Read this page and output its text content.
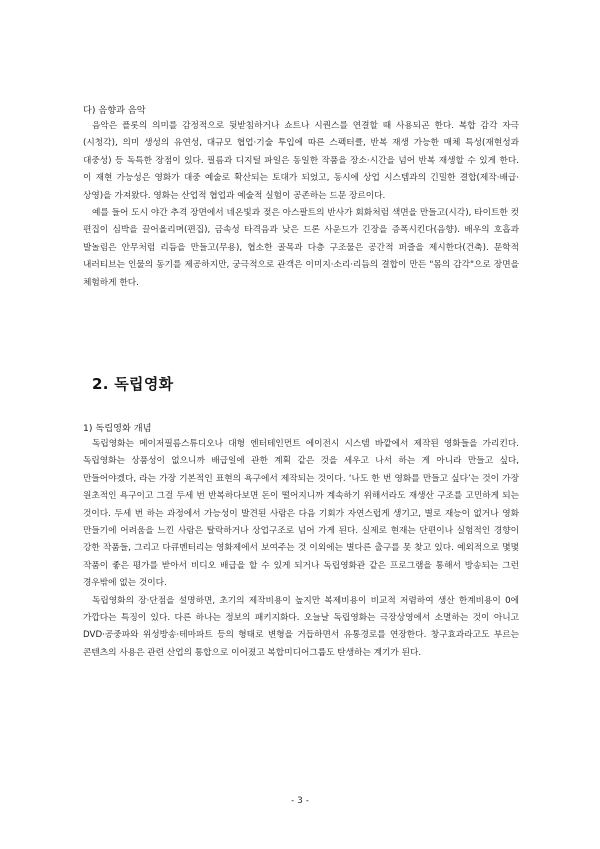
다) 음향과 음악

음악은 플롯의 의미를 감정적으로 뒷받침하거나 쇼트나 시퀀스를 연결할 때 사용되곤 한다. 복합 감각 자극(시청각), 의미 생성의 유연성, 대규모 협업·기술 투입에 따른 스펙터클, 반복 재생 가능한 매체 특성(재현성과 대중성) 등 독특한 장점이 있다. 필름과 디지털 파일은 동일한 작품을 장소·시간을 넘어 반복 재생할 수 있게 한다. 이 재현 가능성은 영화가 대중 예술로 확산되는 토대가 되었고, 동시에 상업 시스템과의 긴밀한 결합(제작·배급·상영)을 가져왔다. 영화는 산업적 협업과 예술적 실험이 공존하는 드문 장르이다.

예를 들어 도시 야간 추격 장면에서 네온빛과 젖은 아스팔트의 반사가 회화처럼 색면을 만들고(시각), 타이트한 컷 편집이 심박을 끌어올리며(편집), 금속성 타격음과 낮은 드론 사운드가 긴장을 증폭시킨다(음향). 배우의 호흡과 발놀림은 안무처럼 리듬을 만들고(무용), 협소한 골목과 다층 구조물은 공간적 퍼즐을 제시한다(건축). 문학적 내러티브는 인물의 동기를 제공하지만, 궁극적으로 관객은 이미지·소리·리듬의 결합이 만든 "몸의 감각"으로 장면을 체험하게 한다.

2. 독립영화
1) 독립영화 개념

독립영화는 메이저필름스튜디오나 대형 엔터테인먼트 에이전시 시스템 바깥에서 제작된 영화들을 가리킨다. 독립영화는 상품성이 없으니까 배급일에 관한 계획 같은 것을 세우고 나서 하는 게 아니라 만들고 싶다, 만들어야겠다, 라는 가장 기본적인 표현의 욕구에서 제작되는 것이다. ‘나도 한 번 영화를 만들고 싶다’는 것이 가장 원초적인 욕구이고 그걸 두세 번 반복하다보면 돈이 떨어지니까 계속하기 위해서라도 재생산 구조를 고민하게 되는 것이다. 두세 번 하는 과정에서 가능성이 발견된 사람은 다음 기회가 자연스럽게 생기고, 별로 재능이 없거나 영화 만들기에 어려움을 느낀 사람은 탈락하거나 상업구조로 넘어 가게 된다. 실제로 현재는 단편이나 실험적인 경향이 강한 작품들, 그리고 다큐멘터리는 영화제에서 보여주는 것 이외에는 별다른 출구를 못 찾고 있다. 예외적으로 몇몇 작품이 좋은 평가를 받아서 비디오 배급을 할 수 있게 되거나 독립영화관 같은 프로그램을 통해서 방송되는 그런 경우밖에 없는 것이다.

독립영화의 장·단점을 설명하면, 초기의 제작비용이 높지만 복제비용이 비교적 저렴하여 생산 한계비용이 0에 가깝다는 특징이 있다. 다른 하나는 정보의 패키지화다. 오늘날 독립영화는 극장상영에서 소멸하는 것이 아니고 DVD·공중파와 위성방송·테마파트 등의 형태로 변형을 거듭하면서 유통경로를 연장한다. 창구효과라고도 부르는 콘텐츠의 사용은 관련 산업의 통합으로 이어졌고 복합미디어그룹도 탄생하는 계기가 된다.

- 3 -
